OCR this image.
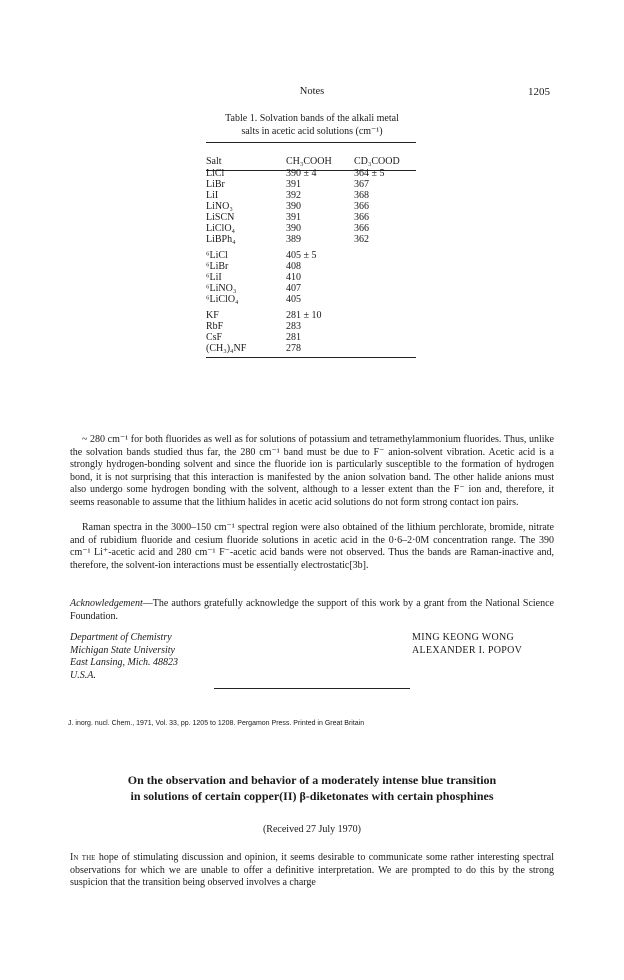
Notes	1205
Table 1. Solvation bands of the alkali metal
salts in acetic acid solutions (cm⁻¹)
Salt	CH₃COOH	CD₃COOD
LiCl	390 ± 4	364 ± 5
LiBr	391	367
LiI	392	368
LiNO₃	390	366
LiSCN	391	366
LiClO₄	390	366
LiBPh₄	389	362
⁶LiCl	405 ± 5	
⁶LiBr	408	
⁶LiI	410	
⁶LiNO₃	407	
⁶LiClO₄	405	
KF	281 ± 10	
RbF	283	
CsF	281	
(CH₃)₄NF	278	
~ 280 cm⁻¹ for both fluorides as well as for solutions of potassium and tetramethylammonium fluorides. Thus, unlike the solvation bands studied thus far, the 280 cm⁻¹ band must be due to F⁻ anion-solvent vibration. Acetic acid is a strongly hydrogen-bonding solvent and since the fluoride ion is particularly susceptible to the formation of hydrogen bond, it is not surprising that this interaction is manifested by the anion solvation band. The other halide anions must also undergo some hydrogen bonding with the solvent, although to a lesser extent than the F⁻ ion and, therefore, it seems reasonable to assume that the lithium halides in acetic acid solutions do not form strong contact ion pairs.
Raman spectra in the 3000–150 cm⁻¹ spectral region were also obtained of the lithium perchlorate, bromide, nitrate and of rubidium fluoride and cesium fluoride solutions in acetic acid in the 0·6–2·0M concentration range. The 390 cm⁻¹ Li⁺-acetic acid and 280 cm⁻¹ F⁻-acetic acid bands were not observed. Thus the bands are Raman-inactive and, therefore, the solvent-ion interactions must be essentially electrostatic[3b].
Acknowledgement—The authors gratefully acknowledge the support of this work by a grant from the National Science Foundation.
Department of Chemistry
Michigan State University
East Lansing, Mich. 48823
U.S.A.
MING KEONG WONG
ALEXANDER I. POPOV
J. inorg. nucl. Chem., 1971, Vol. 33, pp. 1205 to 1208. Pergamon Press. Printed in Great Britain
On the observation and behavior of a moderately intense blue transition
in solutions of certain copper(II) β-diketonates with certain phosphines
(Received 27 July 1970)
In the hope of stimulating discussion and opinion, it seems desirable to communicate some rather interesting spectral observations for which we are unable to offer a definitive interpretation. We are prompted to do this by the strong suspicion that the transition being observed involves a charge
